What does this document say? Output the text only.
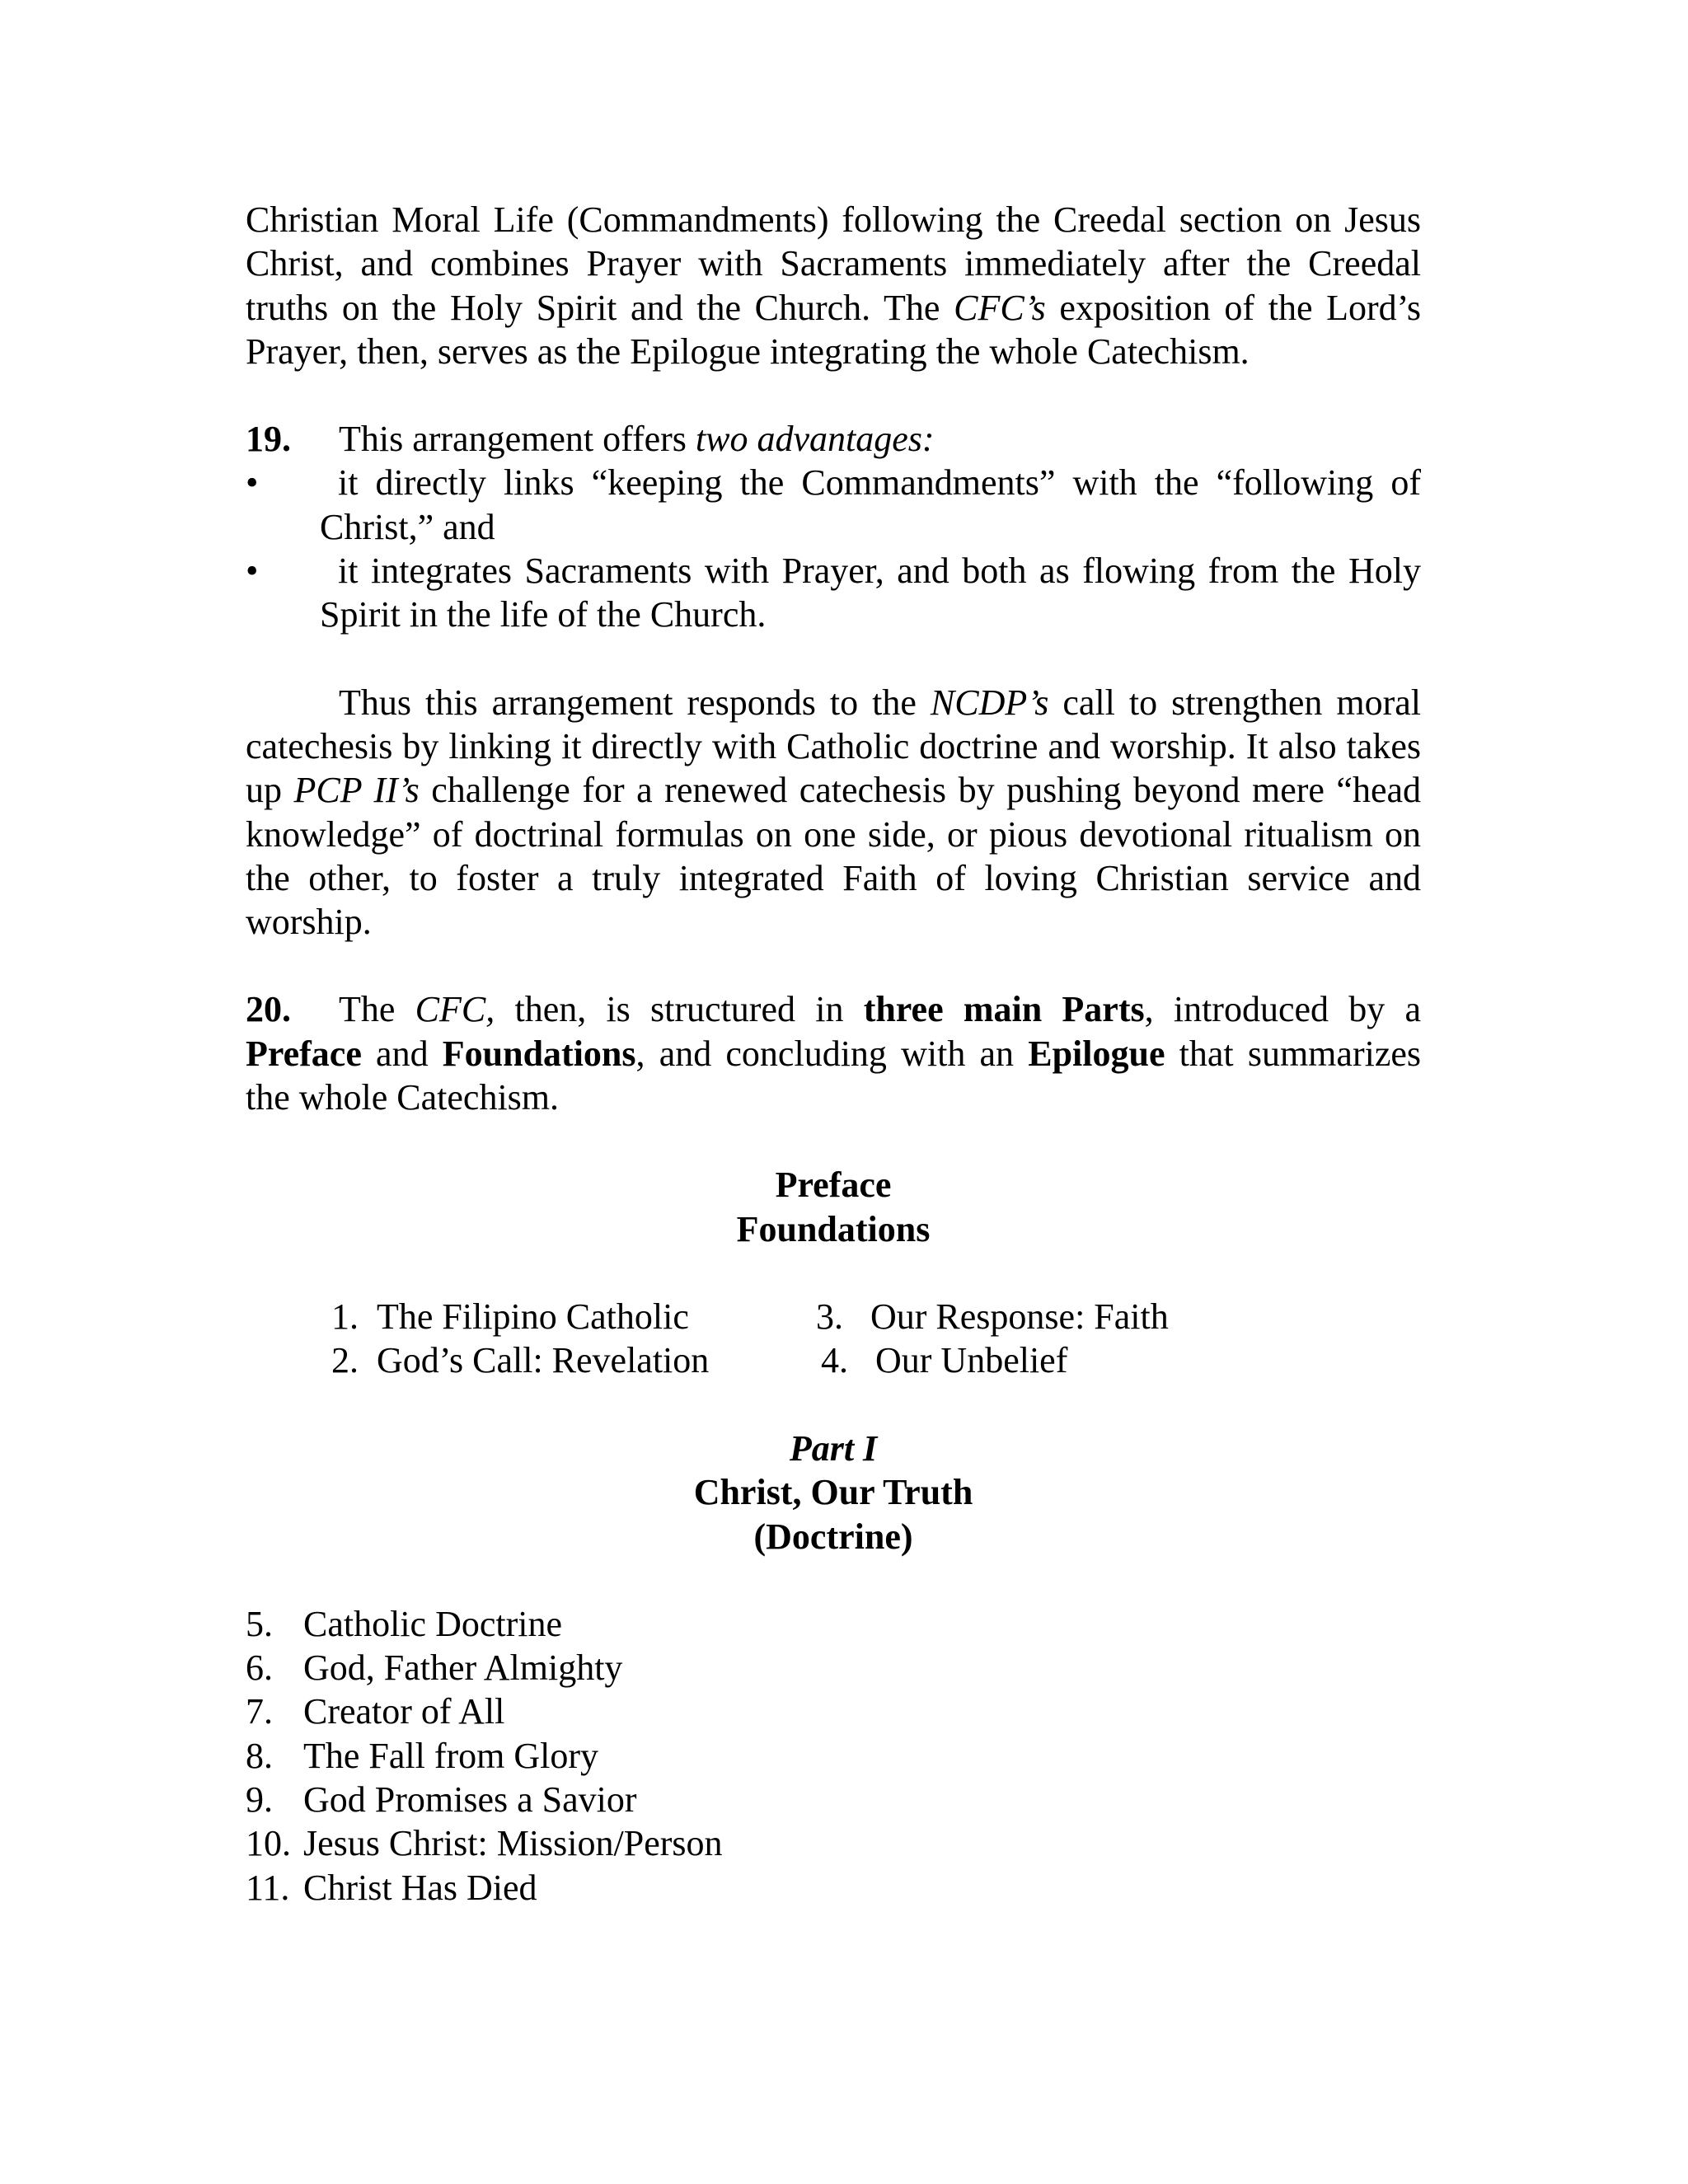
Christian Moral Life (Commandments) following the Creedal section on Jesus Christ, and combines Prayer with Sacraments immediately after the Creedal truths on the Holy Spirit and the Church. The CFC’s exposition of the Lord’s Prayer, then, serves as the Epilogue integrating the whole Catechism.

19. This arrangement offers two advantages:

•	it directly links “keeping the Commandments” with the “following of Christ,” and
•	it integrates Sacraments with Prayer, and both as flowing from the Holy Spirit in the life of the Church.

Thus this arrangement responds to the NCDP’s call to strengthen moral catechesis by linking it directly with Catholic doctrine and worship. It also takes up PCP II’s challenge for a renewed catechesis by pushing beyond mere “head knowledge” of doctrinal formulas on one side, or pious devotional ritualism on the other, to foster a truly integrated Faith of loving Christian service and worship.

20. The CFC, then, is structured in three main Parts, introduced by a Preface and Foundations, and concluding with an Epilogue that summarizes the whole Catechism.

Preface

Foundations

1. The Filipino Catholic
2. God’s Call: Revelation
3. Our Response: Faith
4. Our Unbelief

Part I

Christ, Our Truth

(Doctrine)

5. Catholic Doctrine
6. God, Father Almighty
7. Creator of All
8. The Fall from Glory
9. God Promises a Savior
10. Jesus Christ: Mission/Person
11. Christ Has Died
